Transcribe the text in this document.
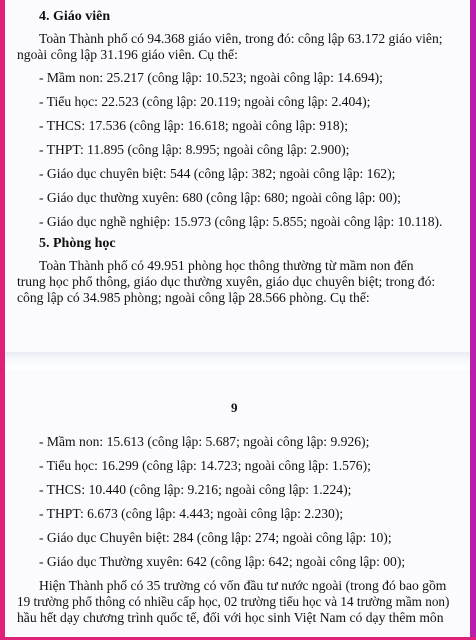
4. Giáo viên
Toàn Thành phố có 94.368 giáo viên, trong đó: công lập 63.172 giáo viên;
ngoài công lập 31.196 giáo viên. Cụ thể:
- Mầm non: 25.217 (công lập: 10.523; ngoài công lập: 14.694);
- Tiểu học: 22.523 (công lập: 20.119; ngoài công lập: 2.404);
- THCS: 17.536 (công lập: 16.618; ngoài công lập: 918);
- THPT: 11.895 (công lập: 8.995; ngoài công lập: 2.900);
- Giáo dục chuyên biệt: 544 (công lập: 382; ngoài công lập: 162);
- Giáo dục thường xuyên: 680 (công lập: 680; ngoài công lập: 00);
- Giáo dục nghề nghiệp: 15.973 (công lập: 5.855; ngoài công lập: 10.118).
5. Phòng học
Toàn Thành phố có 49.951 phòng học thông thường từ mầm non đến
trung học phổ thông, giáo dục thường xuyên, giáo dục chuyên biệt; trong đó:
công lập có 34.985 phòng; ngoài công lập 28.566 phòng. Cụ thể:
9
- Mầm non: 15.613 (công lập: 5.687; ngoài công lập: 9.926);
- Tiểu học: 16.299 (công lập: 14.723; ngoài công lập: 1.576);
- THCS: 10.440 (công lập: 9.216; ngoài công lập: 1.224);
- THPT: 6.673 (công lập: 4.443; ngoài công lập: 2.230);
- Giáo dục Chuyên biệt: 284 (công lập: 274; ngoài công lập: 10);
- Giáo dục Thường xuyên: 642 (công lập: 642; ngoài công lập: 00);
Hiện Thành phố có 35 trường có vốn đầu tư nước ngoài (trong đó bao gồm
19 trường phổ thông có nhiều cấp học, 02 trường tiểu học và 14 trường mầm non)
hầu hết dạy chương trình quốc tế, đối với học sinh Việt Nam có dạy thêm môn
